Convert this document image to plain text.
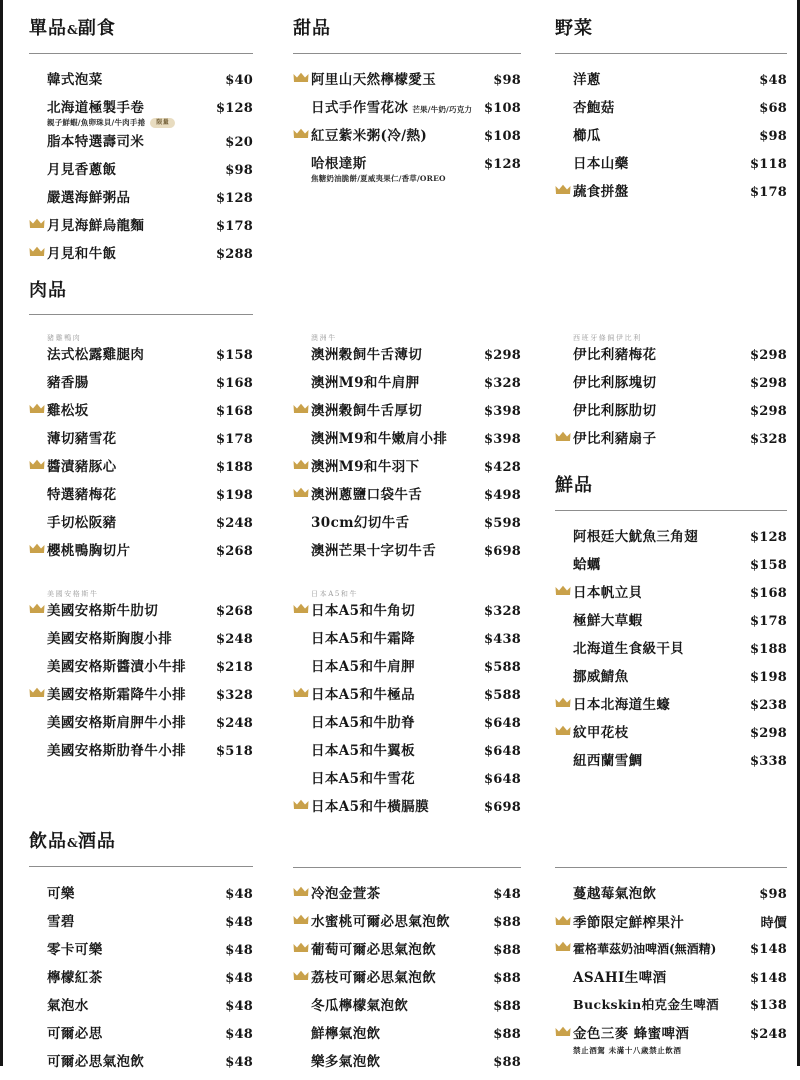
單品&副食
韓式泡菜	$40
北海道極製手卷	$128
親子鮮蝦/魚卵珠貝/牛肉手捲	限量
脂本特選壽司米	$20
月見香蔥飯	$98
嚴選海鮮粥品	$128
月見海鮮烏龍麵	$178
月見和牛飯	$288
甜品
阿里山天然檸檬愛玉	$98
日式手作雪花冰 芒果/牛奶/巧克力 $108
紅豆紫米粥(冷/熱)	$108
哈根達斯	$128
焦糖奶油脆餅/夏威夷果仁/香草/OREO
野菜
洋蔥	$48
杏鮑菇	$68
櫛瓜	$98
日本山藥	$118
蔬食拼盤	$178
肉品
豬雞鴨肉
法式松露雞腿肉	$158
豬香腸	$168
雞松坂	$168
薄切豬雪花	$178
醬漬豬豚心	$188
特選豬梅花	$198
手切松阪豬	$248
櫻桃鴨胸切片	$268
美國安格斯牛
美國安格斯牛肋切	$268
美國安格斯胸腹小排	$248
美國安格斯醬漬小牛排	$218
美國安格斯霜降牛小排	$328
美國安格斯肩胛牛小排	$248
美國安格斯肋脊牛小排	$518
澳洲牛
澳洲穀飼牛舌薄切	$298
澳洲M9和牛肩胛	$328
澳洲穀飼牛舌厚切	$398
澳洲M9和牛嫩肩小排	$398
澳洲M9和牛羽下	$428
澳洲蔥鹽口袋牛舌	$498
30cm幻切牛舌	$598
澳洲芒果十字切牛舌	$698
日本A5和牛
日本A5和牛角切	$328
日本A5和牛霜降	$438
日本A5和牛肩胛	$588
日本A5和牛極品	$588
日本A5和牛肋脊	$648
日本A5和牛翼板	$648
日本A5和牛雪花	$648
日本A5和牛橫膈膜	$698
西班牙條飼伊比利
伊比利豬梅花	$298
伊比利豚塊切	$298
伊比利豚肋切	$298
伊比利豬扇子	$328
鮮品
阿根廷大魷魚三角翅	$128
蛤蠣	$158
日本帆立貝	$168
極鮮大草蝦	$178
北海道生食級干貝	$188
挪威鯖魚	$198
日本北海道生蠔	$238
紋甲花枝	$298
紐西蘭雪鯛	$338
飲品&酒品
可樂	$48
雪碧	$48
零卡可樂	$48
檸檬紅茶	$48
氣泡水	$48
可爾必思	$48
可爾必思氣泡飲	$48
冷泡金萱茶	$48
水蜜桃可爾必思氣泡飲	$88
葡萄可爾必思氣泡飲	$88
荔枝可爾必思氣泡飲	$88
冬瓜檸檬氣泡飲	$88
鮮檸氣泡飲	$88
樂多氣泡飲	$88
蔓越莓氣泡飲	$98
季節限定鮮榨果汁	時價
霍格華茲奶油啤酒(無酒精)	$148
ASAHI生啤酒	$148
Buckskin柏克金生啤酒	$138
金色三麥 蜂蜜啤酒	$248
禁止酒駕 未滿十八歲禁止飲酒
